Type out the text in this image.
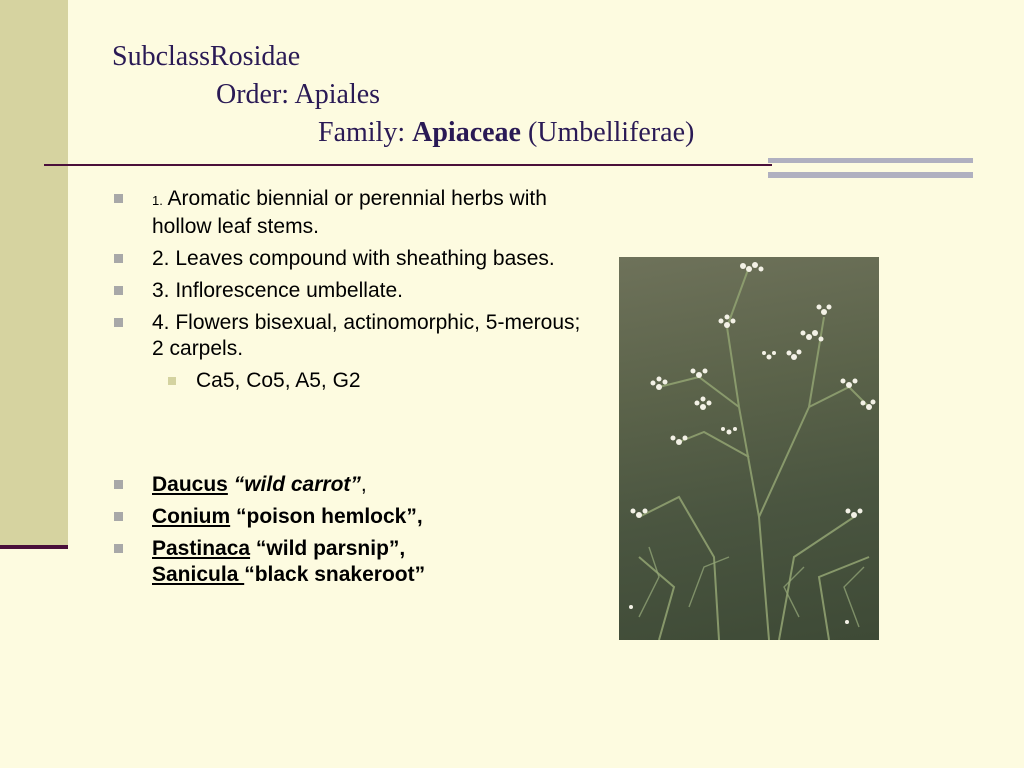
SubclassRosidae
Order: Apiales
Family: Apiaceae (Umbelliferae)
1. Aromatic biennial or perennial herbs with hollow leaf stems.
2. Leaves compound with sheathing bases.
3. Inflorescence umbellate.
4. Flowers bisexual, actinomorphic, 5-merous; 2 carpels.
Ca5, Co5, A5, G2
Daucus “wild carrot”,
Conium “poison hemlock”,
Pastinaca “wild parsnip”,
Sanicula “black snakeroot”
